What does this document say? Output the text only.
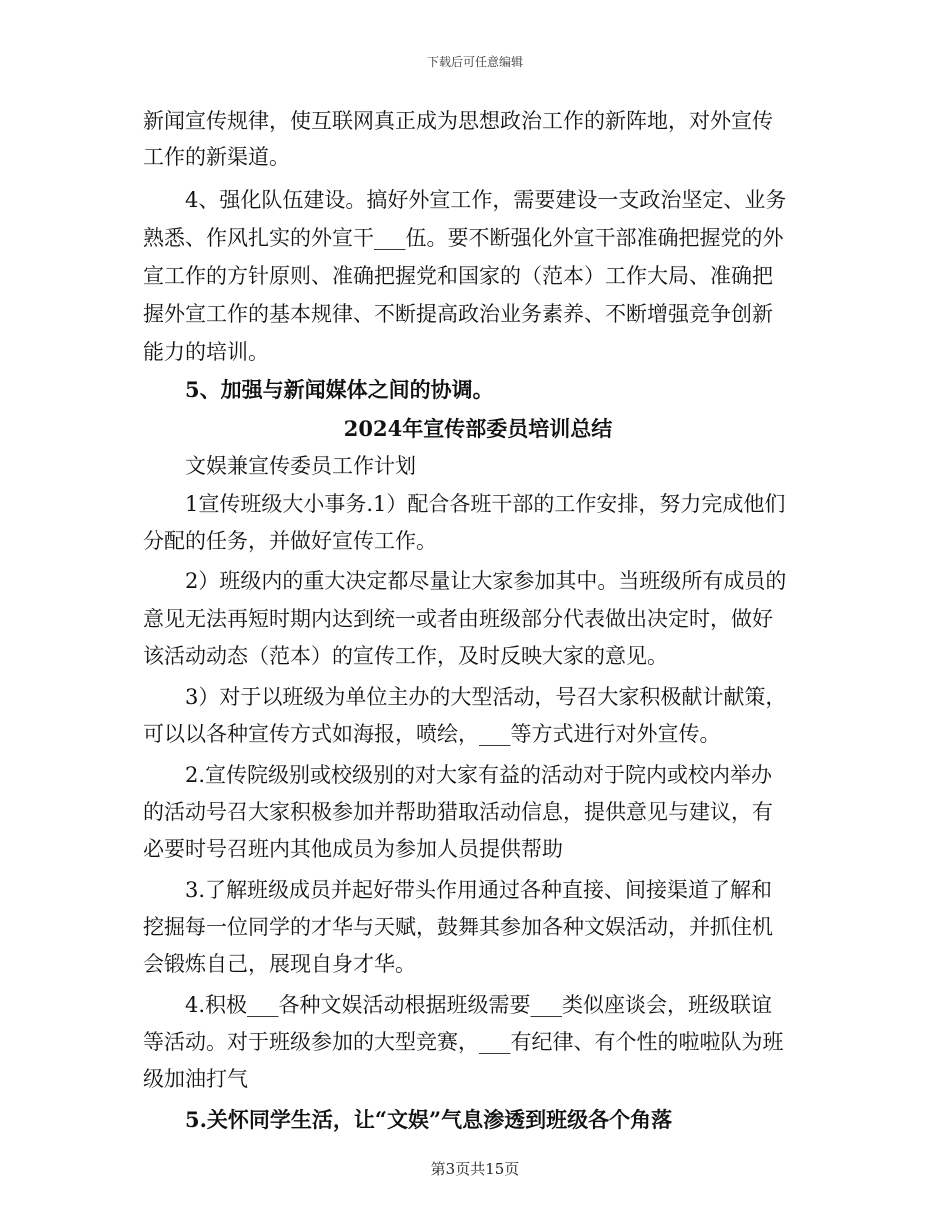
下载后可任意编辑
新闻宣传规律，使互联网真正成为思想政治工作的新阵地，对外宣传
工作的新渠道。
4、强化队伍建设。搞好外宣工作，需要建设一支政治坚定、业务
熟悉、作风扎实的外宣干___伍。要不断强化外宣干部准确把握党的外
宣工作的方针原则、准确把握党和国家的（范本）工作大局、准确把
握外宣工作的基本规律、不断提高政治业务素养、不断增强竞争创新
能力的培训。
5、加强与新闻媒体之间的协调。
2024年宣传部委员培训总结
文娱兼宣传委员工作计划
1宣传班级大小事务.1）配合各班干部的工作安排，努力完成他们
分配的任务，并做好宣传工作。
2）班级内的重大决定都尽量让大家参加其中。当班级所有成员的
意见无法再短时期内达到统一或者由班级部分代表做出决定时，做好
该活动动态（范本）的宣传工作，及时反映大家的意见。
3）对于以班级为单位主办的大型活动，号召大家积极献计献策，
可以以各种宣传方式如海报，喷绘，___等方式进行对外宣传。
2.宣传院级别或校级别的对大家有益的活动对于院内或校内举办
的活动号召大家积极参加并帮助猎取活动信息，提供意见与建议，有
必要时号召班内其他成员为参加人员提供帮助
3.了解班级成员并起好带头作用通过各种直接、间接渠道了解和
挖掘每一位同学的才华与天赋，鼓舞其参加各种文娱活动，并抓住机
会锻炼自己，展现自身才华。
4.积极___各种文娱活动根据班级需要___类似座谈会，班级联谊
等活动。对于班级参加的大型竞赛，___有纪律、有个性的啦啦队为班
级加油打气
5.关怀同学生活，让“文娱”气息渗透到班级各个角落
第3页共15页
